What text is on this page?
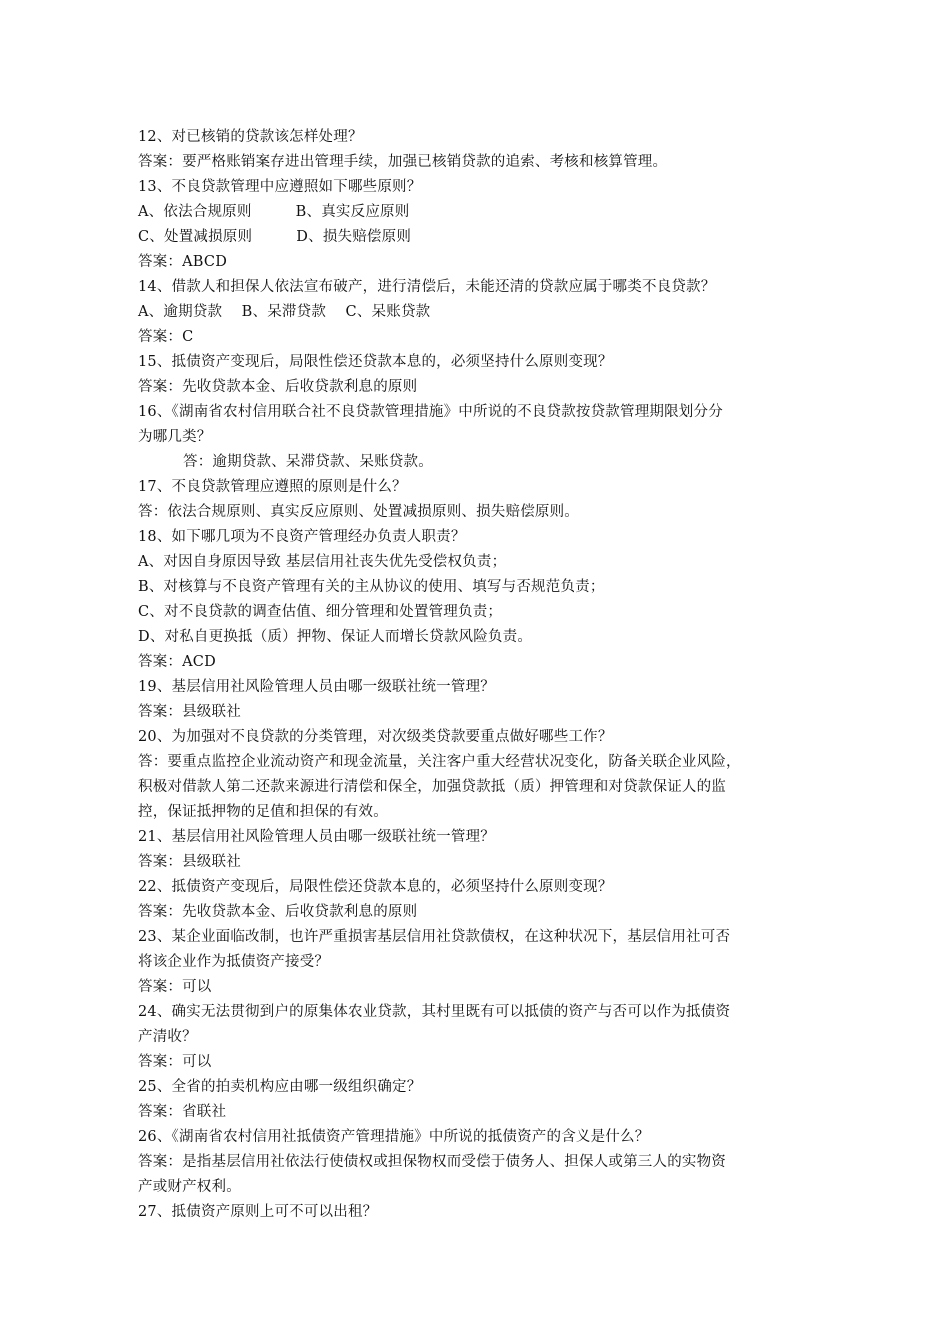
12、对已核销的贷款该怎样处理？
答案：要严格账销案存进出管理手续，加强已核销贷款的追索、考核和核算管理。
13、不良贷款管理中应遵照如下哪些原则？
A、依法合规原则　　　B、真实反应原则
C、处置减损原则　　　D、损失赔偿原则
答案：ABCD
14、借款人和担保人依法宣布破产，进行清偿后，未能还清的贷款应属于哪类不良贷款？
A、逾期贷款　 B、呆滞贷款　 C、呆账贷款
答案：C
15、抵债资产变现后，局限性偿还贷款本息的，必须坚持什么原则变现？
答案：先收贷款本金、后收贷款利息的原则
16、《湖南省农村信用联合社不良贷款管理措施》中所说的不良贷款按贷款管理期限划分分
为哪几类？
答：逾期贷款、呆滞贷款、呆账贷款。
17、不良贷款管理应遵照的原则是什么？
答：依法合规原则、真实反应原则、处置减损原则、损失赔偿原则。
18、如下哪几项为不良资产管理经办负责人职责？
A、对因自身原因导致 基层信用社丧失优先受偿权负责；
B、对核算与不良资产管理有关的主从协议的使用、填写与否规范负责；
C、对不良贷款的调查估值、细分管理和处置管理负责；
D、对私自更换抵（质）押物、保证人而增长贷款风险负责。
答案：ACD
19、基层信用社风险管理人员由哪一级联社统一管理？
答案：县级联社
20、为加强对不良贷款的分类管理，对次级类贷款要重点做好哪些工作？
答：要重点监控企业流动资产和现金流量，关注客户重大经营状况变化，防备关联企业风险，
积极对借款人第二还款来源进行清偿和保全，加强贷款抵（质）押管理和对贷款保证人的监
控，保证抵押物的足值和担保的有效。
21、基层信用社风险管理人员由哪一级联社统一管理？
答案：县级联社
22、抵债资产变现后，局限性偿还贷款本息的，必须坚持什么原则变现？
答案：先收贷款本金、后收贷款利息的原则
23、某企业面临改制，也许严重损害基层信用社贷款债权，在这种状况下，基层信用社可否
将该企业作为抵债资产接受？
答案：可以
24、确实无法贯彻到户的原集体农业贷款，其村里既有可以抵债的资产与否可以作为抵债资
产清收？
答案：可以
25、全省的拍卖机构应由哪一级组织确定？
答案：省联社
26、《湖南省农村信用社抵债资产管理措施》中所说的抵债资产的含义是什么？
答案：是指基层信用社依法行使债权或担保物权而受偿于债务人、担保人或第三人的实物资
产或财产权利。
27、抵债资产原则上可不可以出租？
